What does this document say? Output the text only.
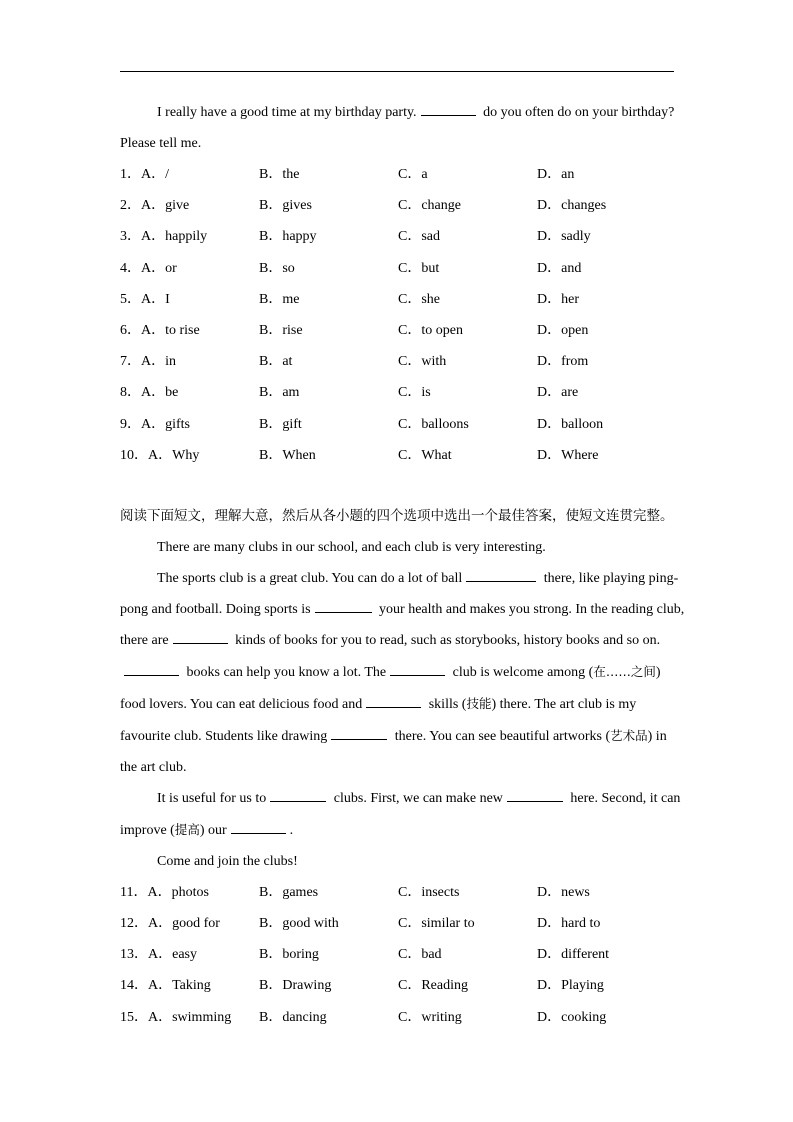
I really have a good time at my birthday party.	do you often do on your birthday? Please tell me.

1．A．/	B．the	C．a	D．an
2．A．give	B．gives	C．change	D．changes
3．A．happily	B．happy	C．sad	D．sadly
4．A．or	B．so	C．but	D．and
5．A．I	B．me	C．she	D．her
6．A．to rise	B．rise	C．to open	D．open
7．A．in	B．at	C．with	D．from
8．A．be	B．am	C．is	D．are
9．A．gifts	B．gift	C．balloons	D．balloon
10．A．Why	B．When	C．What	D．Where
阅读下面短文，理解大意，然后从各小题的四个选项中选出一个最佳答案，使短文连贯完整。

There are many clubs in our school, and each club is very interesting.

The sports club is a great club. You can do a lot of ball	there, like playing ping-pong and football. Doing sports is	your health and makes you strong. In the reading club, there are	kinds of books for you to read, such as storybooks, history books and so on. books can help you know a lot. The	club is welcome among (在……之间) food lovers. You can eat delicious food and	skills (技能) there. The art club is my favourite club. Students like drawing	there. You can see beautiful artworks (艺术品) in the art club.

It is useful for us to	clubs. First, we can make new	here. Second, it can improve (提高) our	.

Come and join the clubs!

11．A．photos	B．games	C．insects	D．news
12．A．good for	B．good with	C．similar to	D．hard to
13．A．easy	B．boring	C．bad	D．different
14．A．Taking	B．Drawing	C．Reading	D．Playing
15．A．swimming	B．dancing	C．writing	D．cooking
